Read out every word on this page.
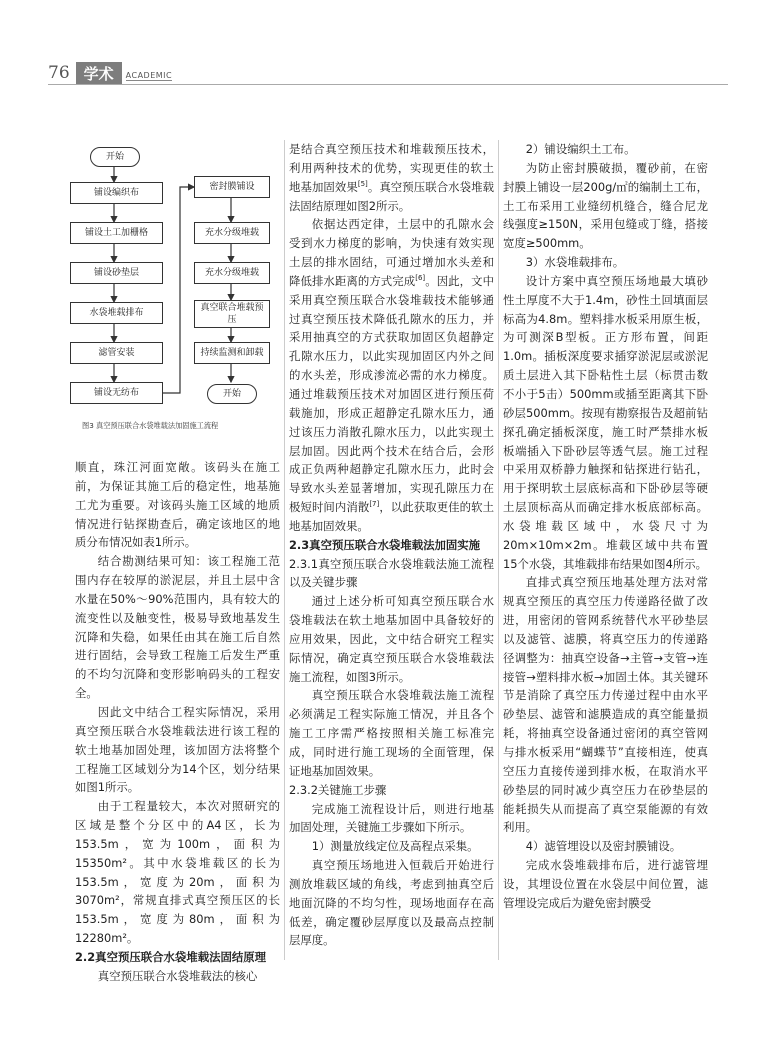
76 学术	ACADEMIC
开始
铺设编织布
铺设土工加栅格
铺设砂垫层
水袋堆载排布
滤管安装
铺设无纺布
密封膜铺设
充水分级堆载
充水分级堆载
真空联合堆载预压
持续监测和卸载
开始
图3 真空预压联合水袋堆载法加固施工流程

顺直，珠江河面宽敞。该码头在施工前，为保证其施工后的稳定性，地基施工尤为重要。对该码头施工区域的地质情况进行钻探勘查后，确定该地区的地质分布情况如表1所示。

结合勘测结果可知：该工程施工范围内存在较厚的淤泥层，并且土层中含水量在50%～90%范围内，具有较大的流变性以及触变性，极易导致地基发生沉降和失稳，如果任由其在施工后自然进行固结，会导致工程施工后发生严重的不均匀沉降和变形影响码头的工程安全。

因此文中结合工程实际情况，采用真空预压联合水袋堆载法进行该工程的软土地基加固处理，该加固方法将整个工程施工区域划分为14个区，划分结果如图1所示。

由于工程量较大，本次对照研究的区域是整个分区中的A4区，长为153.5m，宽为100m，面积为15350m²。其中水袋堆载区的长为153.5m，宽度为20m，面积为3070m²，常规直排式真空预压区的长153.5m，宽度为80m，面积为12280m²。

2.2真空预压联合水袋堆载法固结原理

真空预压联合水袋堆载法的核心

是结合真空预压技术和堆载预压技术，利用两种技术的优势，实现更佳的软土地基加固效果[5]。真空预压联合水袋堆载法固结原理如图2所示。

依据达西定律，土层中的孔隙水会受到水力梯度的影响，为快速有效实现土层的排水固结，可通过增加水头差和降低排水距离的方式完成[6]。因此，文中采用真空预压联合水袋堆载技术能够通过真空预压技术降低孔隙水的压力，并采用抽真空的方式获取加固区负超静定孔隙水压力，以此实现加固区内外之间的水头差，形成渗流必需的水力梯度。通过堆载预压技术对加固区进行预压荷载施加，形成正超静定孔隙水压力，通过该压力消散孔隙水压力，以此实现土层加固。因此两个技术在结合后，会形成正负两种超静定孔隙水压力，此时会导致水头差显著增加，实现孔隙压力在极短时间内消散[7]，以此获取更佳的软土地基加固效果。

2.3真空预压联合水袋堆载法加固实施

2.3.1真空预压联合水袋堆载法施工流程以及关键步骤

通过上述分析可知真空预压联合水袋堆载法在软土地基加固中具备较好的应用效果，因此，文中结合研究工程实际情况，确定真空预压联合水袋堆载法施工流程，如图3所示。

真空预压联合水袋堆载法施工流程必须满足工程实际施工情况，并且各个施工工序需严格按照相关施工标准完成，同时进行施工现场的全面管理，保证地基加固效果。

2.3.2关键施工步骤

完成施工流程设计后，则进行地基加固处理，关键施工步骤如下所示。

1）测量放线定位及高程点采集。

真空预压场地进入恒载后开始进行测放堆载区域的角线，考虑到抽真空后地面沉降的不均匀性，现场地面存在高低差，确定覆砂层厚度以及最高点控制层厚度。

2）铺设编织土工布。

为防止密封膜破损，覆砂前，在密封膜上铺设一层200g/㎡的编制土工布，土工布采用工业缝纫机缝合，缝合尼龙线强度≥150N，采用包缝或丁缝，搭接宽度≥500mm。

3）水袋堆载排布。

设计方案中真空预压场地最大填砂性土厚度不大于1.4m，砂性土回填面层标高为4.8m。塑料排水板采用原生板，为可测深B型板。正方形布置，间距1.0m。插板深度要求插穿淤泥层或淤泥质土层进入其下卧粘性土层（标贯击数不小于5击）500mm或插至距离其下卧砂层500mm。按现有勘察报告及超前钻探孔确定插板深度，施工时严禁排水板板端插入下卧砂层等透气层。施工过程中采用双桥静力触探和钻探进行钻孔，用于探明软土层底标高和下卧砂层等硬土层顶标高从而确定排水板底部标高。水袋堆载区域中，水袋尺寸为20m×10m×2m。堆载区域中共布置15个水袋，其堆载排布结果如图4所示。

直排式真空预压地基处理方法对常规真空预压的真空压力传递路径做了改进，用密闭的管网系统替代水平砂垫层以及滤管、滤膜，将真空压力的传递路径调整为：抽真空设备→主管→支管→连接管→塑料排水板→加固土体。其关键环节是消除了真空压力传递过程中由水平砂垫层、滤管和滤膜造成的真空能量损耗，将抽真空设备通过密闭的真空管网与排水板采用“蝴蝶节”直接相连，使真空压力直接传递到排水板，在取消水平砂垫层的同时减少真空压力在砂垫层的能耗损失从而提高了真空泵能源的有效利用。

4）滤管埋设以及密封膜铺设。

完成水袋堆载排布后，进行滤管埋设，其埋设位置在水袋层中间位置，滤管埋设完成后为避免密封膜受
